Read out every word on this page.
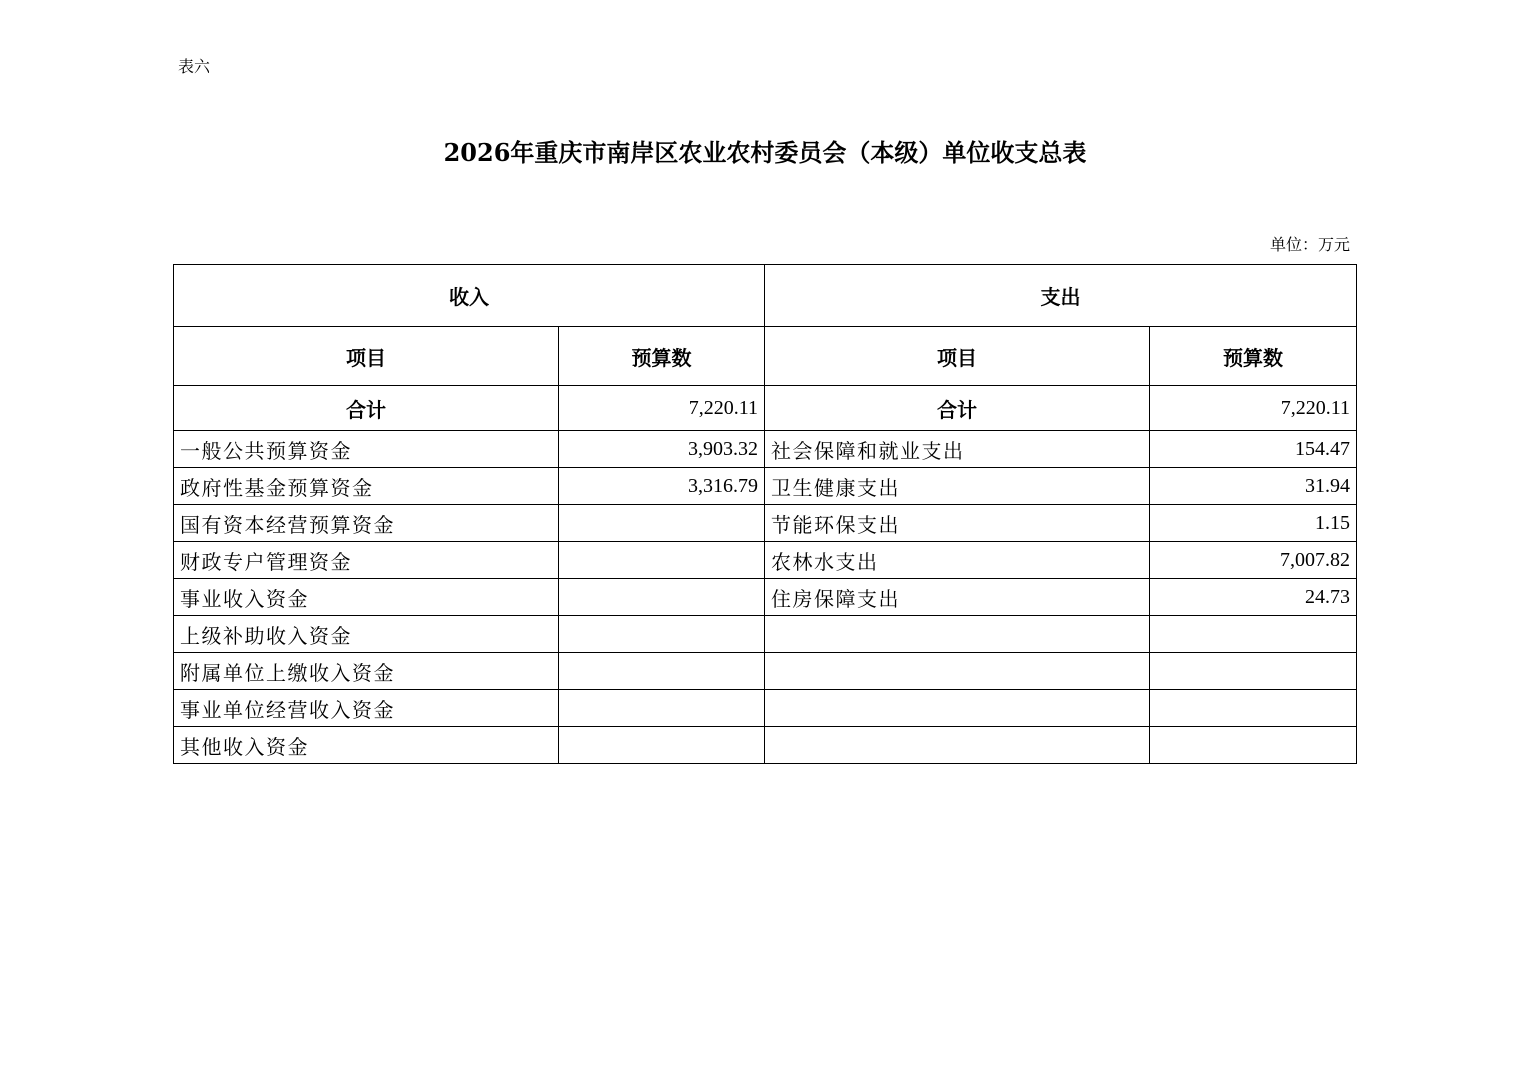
表六
2026年重庆市南岸区农业农村委员会（本级）单位收支总表
单位：万元
收入		支出	
项目	预算数	项目	预算数
合计	7,220.11	合计	7,220.11
一般公共预算资金	3,903.32	社会保障和就业支出	154.47
政府性基金预算资金	3,316.79	卫生健康支出	31.94
国有资本经营预算资金		节能环保支出	1.15
财政专户管理资金		农林水支出	7,007.82
事业收入资金		住房保障支出	24.73
上级补助收入资金			
附属单位上缴收入资金			
事业单位经营收入资金			
其他收入资金			
